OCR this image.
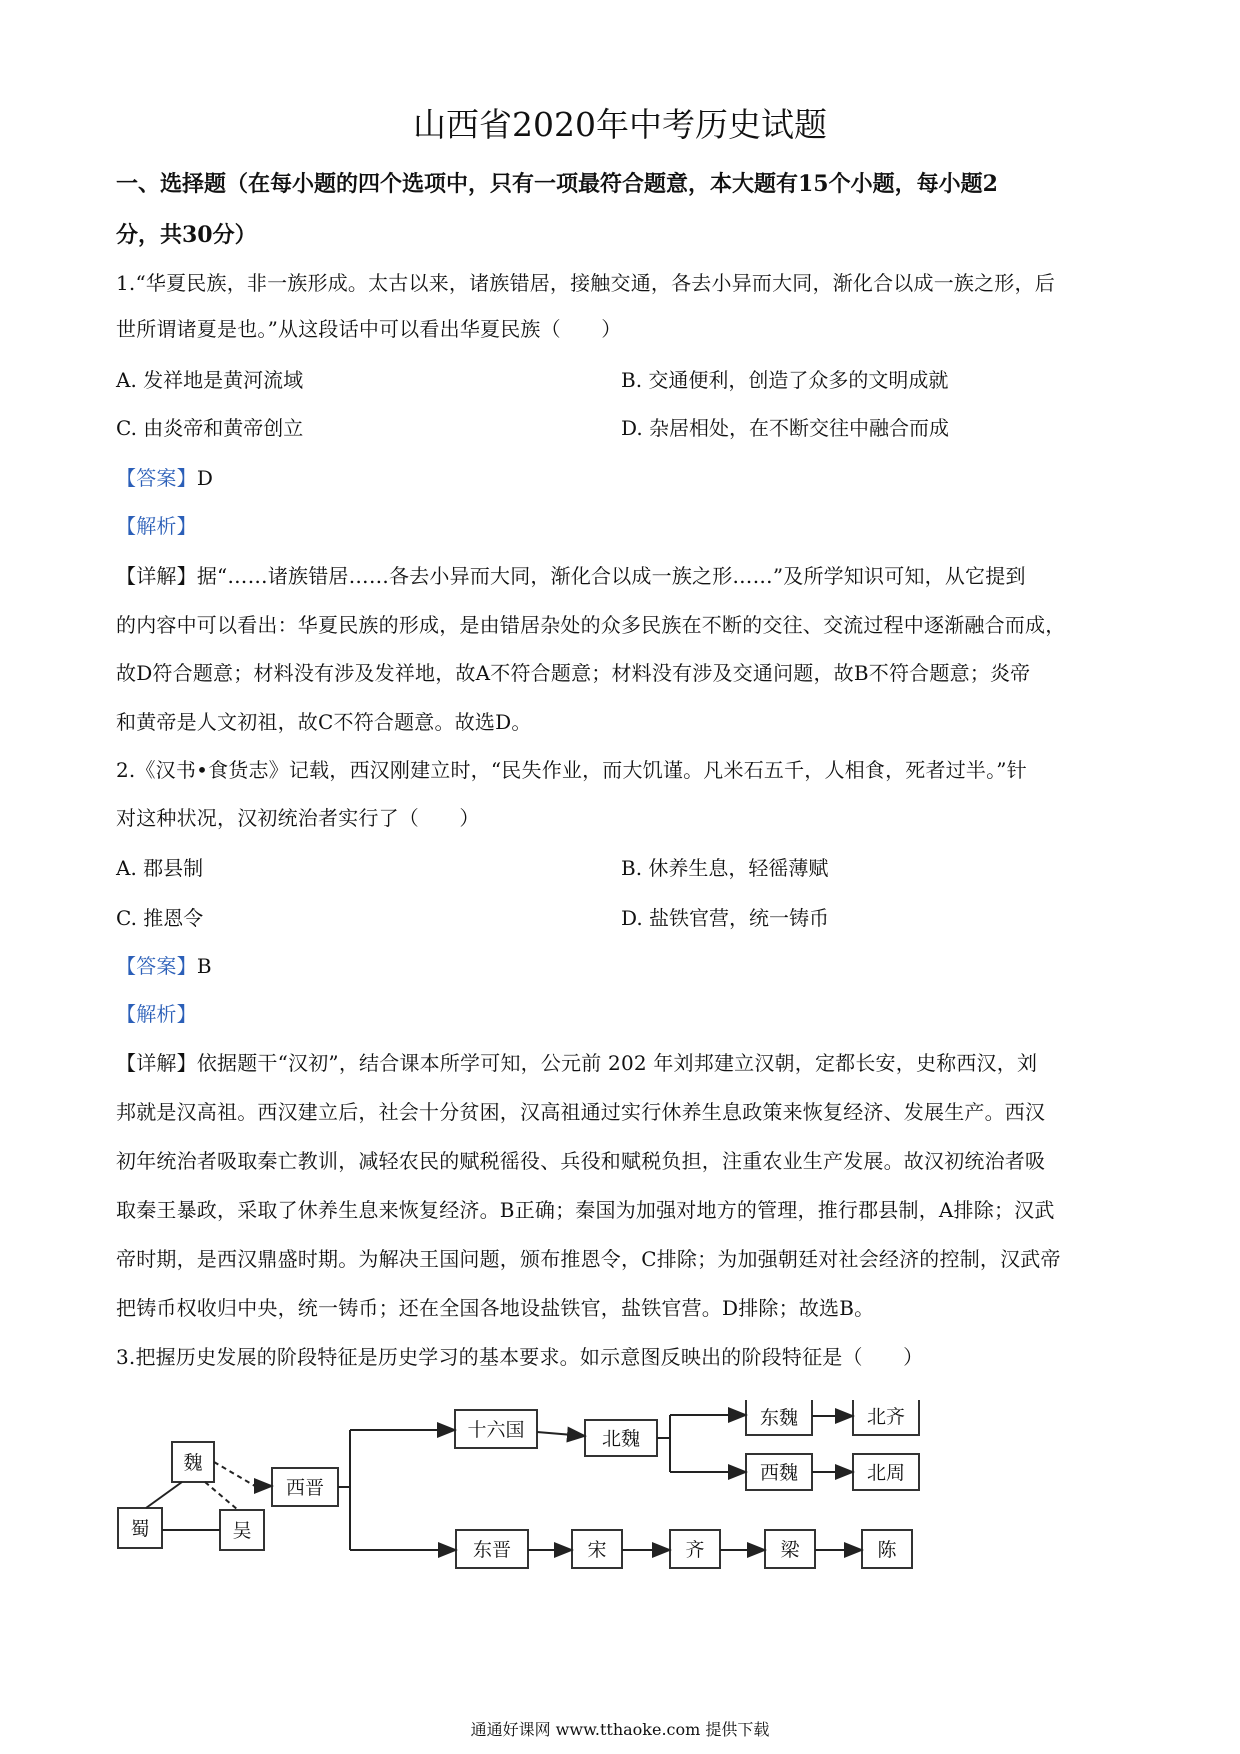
山西省2020年中考历史试题
一、选择题（在每小题的四个选项中，只有一项最符合题意，本大题有15个小题，每小题2
分，共30分）
1.“华夏民族，非一族形成。太古以来，诸族错居，接触交通，各去小异而大同，渐化合以成一族之形，后
世所谓诸夏是也。”从这段话中可以看出华夏民族（　　）
A. 发祥地是黄河流域	B. 交通便利，创造了众多的文明成就
C. 由炎帝和黄帝创立	D. 杂居相处，在不断交往中融合而成
【答案】D
【解析】
【详解】据“……诸族错居……各去小异而大同，渐化合以成一族之形……”及所学知识可知，从它提到
的内容中可以看出：华夏民族的形成，是由错居杂处的众多民族在不断的交往、交流过程中逐渐融合而成，
故D符合题意；材料没有涉及发祥地，故A不符合题意；材料没有涉及交通问题，故B不符合题意；炎帝
和黄帝是人文初祖，故C不符合题意。故选D。
2.《汉书•食货志》记载，西汉刚建立时，“民失作业，而大饥谨。凡米石五千，人相食，死者过半。”针
对这种状况，汉初统治者实行了（　　）
A. 郡县制	B. 休养生息，轻徭薄赋
C. 推恩令	D. 盐铁官营，统一铸币
【答案】B
【解析】
【详解】依据题干“汉初”，结合课本所学可知，公元前 202 年刘邦建立汉朝，定都长安，史称西汉，刘
邦就是汉高祖。西汉建立后，社会十分贫困，汉高祖通过实行休养生息政策来恢复经济、发展生产。西汉
初年统治者吸取秦亡教训，减轻农民的赋税徭役、兵役和赋税负担，注重农业生产发展。故汉初统治者吸
取秦王暴政，采取了休养生息来恢复经济。B正确；秦国为加强对地方的管理，推行郡县制，A排除；汉武
帝时期，是西汉鼎盛时期。为解决王国问题，颁布推恩令，C排除；为加强朝廷对社会经济的控制，汉武帝
把铸币权收归中央，统一铸币；还在全国各地设盐铁官，盐铁官营。D排除；故选B。
3.把握历史发展的阶段特征是历史学习的基本要求。如示意图反映出的阶段特征是（　　）
魏
蜀	吴
西晋
十六国	北魏
东魏
西魏
北齐
北周
东晋	宋	齐	梁	陈
通通好课网 www.tthaoke.com 提供下载
